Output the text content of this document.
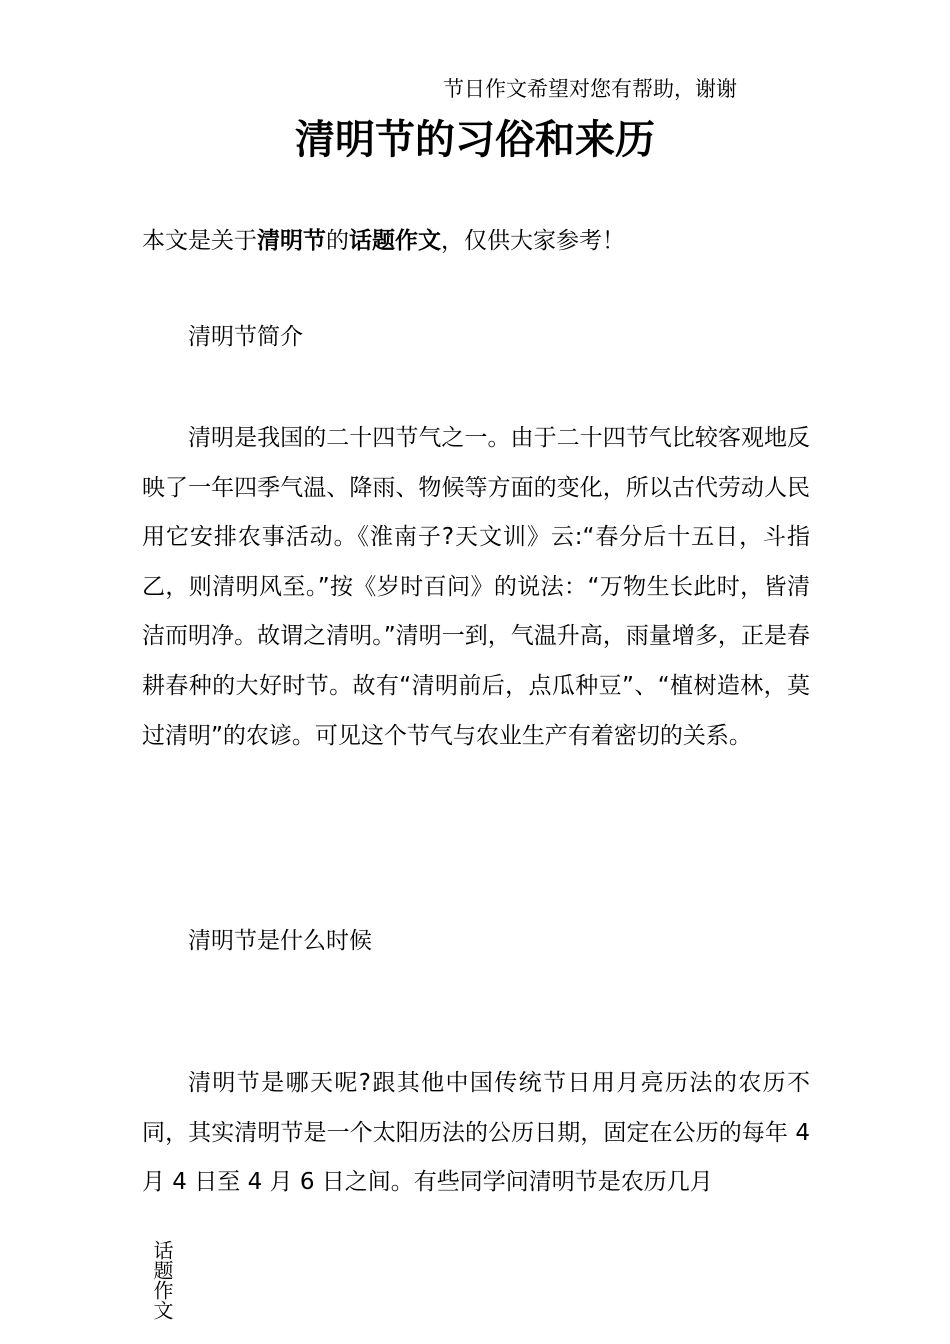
节日作文希望对您有帮助，谢谢
清明节的习俗和来历
本文是关于清明节的话题作文，仅供大家参考！
清明节简介

清明是我国的二十四节气之一。由于二十四节气比较客观地反映了一年四季气温、降雨、物候等方面的变化，所以古代劳动人民用它安排农事活动。《淮南子?天文训》云:“春分后十五日，斗指乙，则清明风至。”按《岁时百问》的说法：“万物生长此时，皆清洁而明净。故谓之清明。”清明一到，气温升高，雨量增多，正是春耕春种的大好时节。故有“清明前后，点瓜种豆”、“植树造林，莫过清明”的农谚。可见这个节气与农业生产有着密切的关系。

清明节是什么时候

清明节是哪天呢?跟其他中国传统节日用月亮历法的农历不同，其实清明节是一个太阳历法的公历日期，固定在公历的每年 4 月 4 日至 4 月 6 日之间。有些同学问清明节是农历几月

话题作文
